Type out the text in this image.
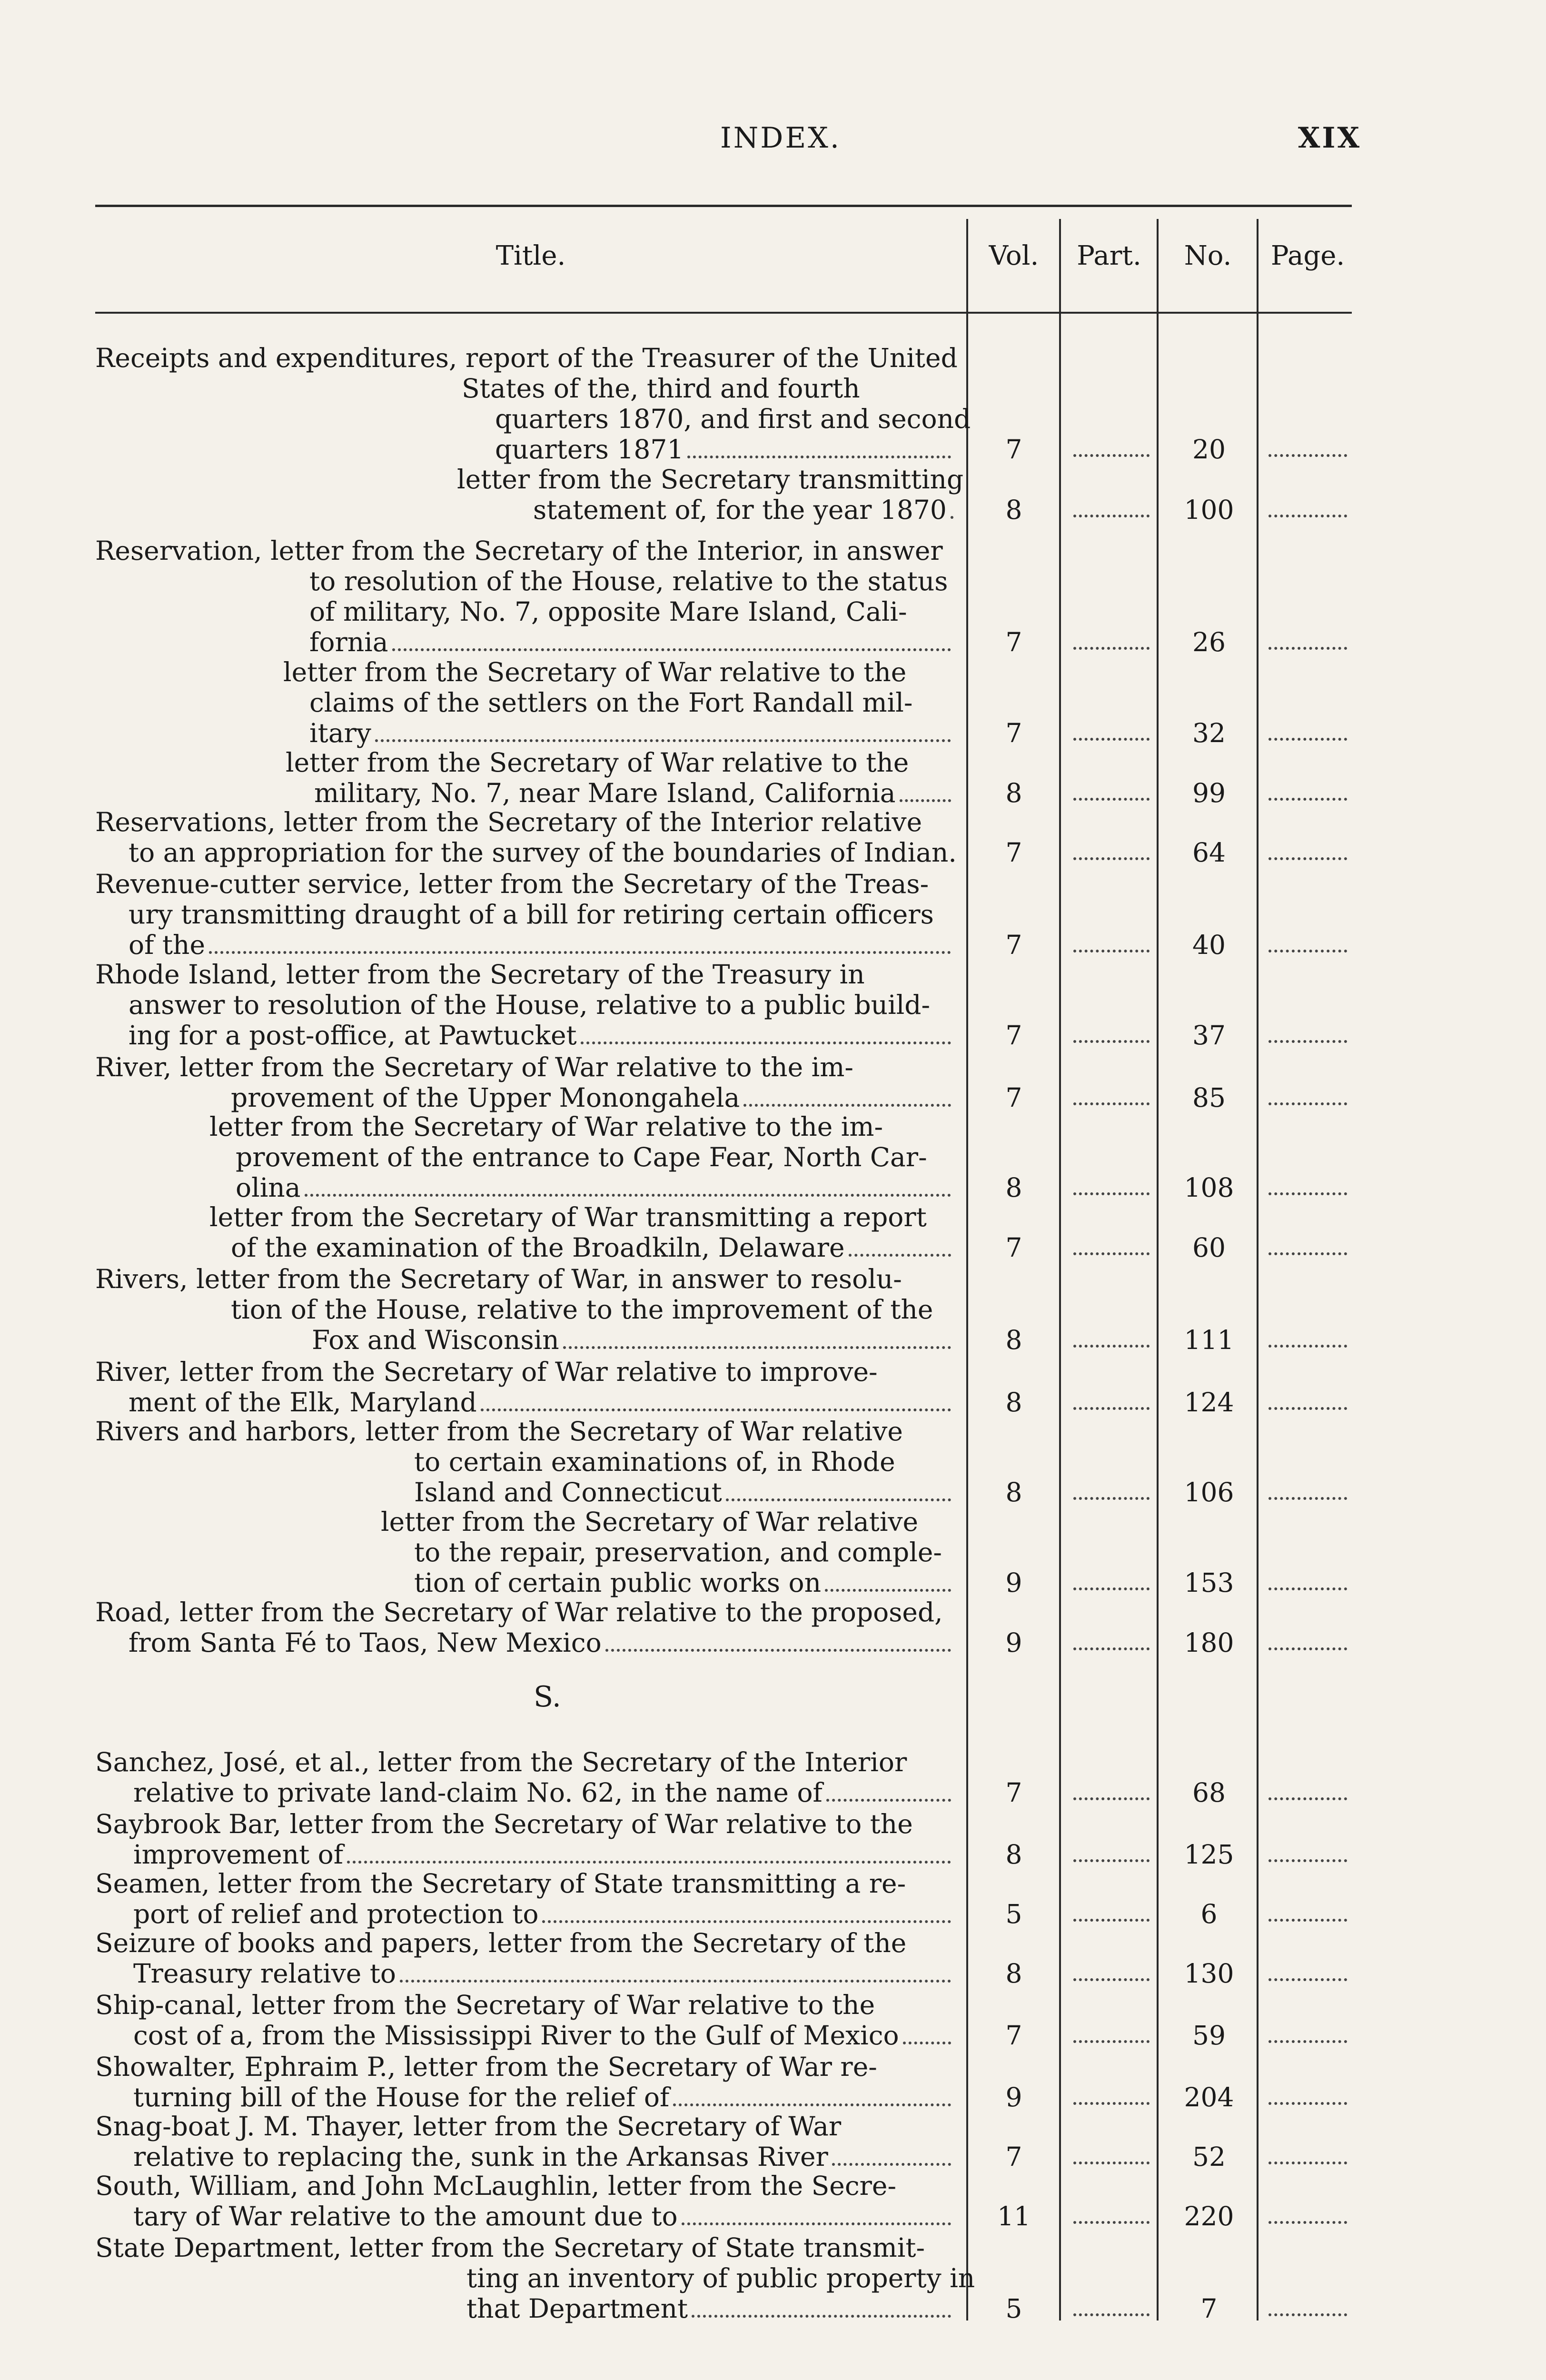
INDEX.	XIX
Title.	Vol.	Part.	No.	Page.
S.
Receipts and expenditures, report of the Treasurer of the United
States of the, third and fourth
quarters 1870, and first and second
quarters 1871	7	20
letter from the Secretary transmitting
statement of, for the year 1870	8	100
Reservation, letter from the Secretary of the Interior, in answer
to resolution of the House, relative to the status
of military, No. 7, opposite Mare Island, Cali-
fornia	7	26
letter from the Secretary of War relative to the
claims of the settlers on the Fort Randall mil-
itary	7	32
letter from the Secretary of War relative to the
military, No. 7, near Mare Island, California	8	99
Reservations, letter from the Secretary of the Interior relative
to an appropriation for the survey of the boundaries of Indian.	7	64
Revenue-cutter service, letter from the Secretary of the Treas-
ury transmitting draught of a bill for retiring certain officers
of the	7	40
Rhode Island, letter from the Secretary of the Treasury in
answer to resolution of the House, relative to a public build-
ing for a post-office, at Pawtucket	7	37
River, letter from the Secretary of War relative to the im-
provement of the Upper Monongahela	7	85
letter from the Secretary of War relative to the im-
provement of the entrance to Cape Fear, North Car-
olina	8	108
letter from the Secretary of War transmitting a report
of the examination of the Broadkiln, Delaware	7	60
Rivers, letter from the Secretary of War, in answer to resolu-
tion of the House, relative to the improvement of the
Fox and Wisconsin	8	111
River, letter from the Secretary of War relative to improve-
ment of the Elk, Maryland	8	124
Rivers and harbors, letter from the Secretary of War relative
to certain examinations of, in Rhode
Island and Connecticut	8	106
letter from the Secretary of War relative
to the repair, preservation, and comple-
tion of certain public works on	9	153
Road, letter from the Secretary of War relative to the proposed,
from Santa Fé to Taos, New Mexico	9	180
Sanchez, José, et al., letter from the Secretary of the Interior
relative to private land-claim No. 62, in the name of	7	68
Saybrook Bar, letter from the Secretary of War relative to the
improvement of	8	125
Seamen, letter from the Secretary of State transmitting a re-
port of relief and protection to	5	6
Seizure of books and papers, letter from the Secretary of the
Treasury relative to	8	130
Ship-canal, letter from the Secretary of War relative to the
cost of a, from the Mississippi River to the Gulf of Mexico	7	59
Showalter, Ephraim P., letter from the Secretary of War re-
turning bill of the House for the relief of	9	204
Snag-boat J. M. Thayer, letter from the Secretary of War
relative to replacing the, sunk in the Arkansas River	7	52
South, William, and John McLaughlin, letter from the Secre-
tary of War relative to the amount due to	11	220
State Department, letter from the Secretary of State transmit-
ting an inventory of public property in
that Department	5	7
